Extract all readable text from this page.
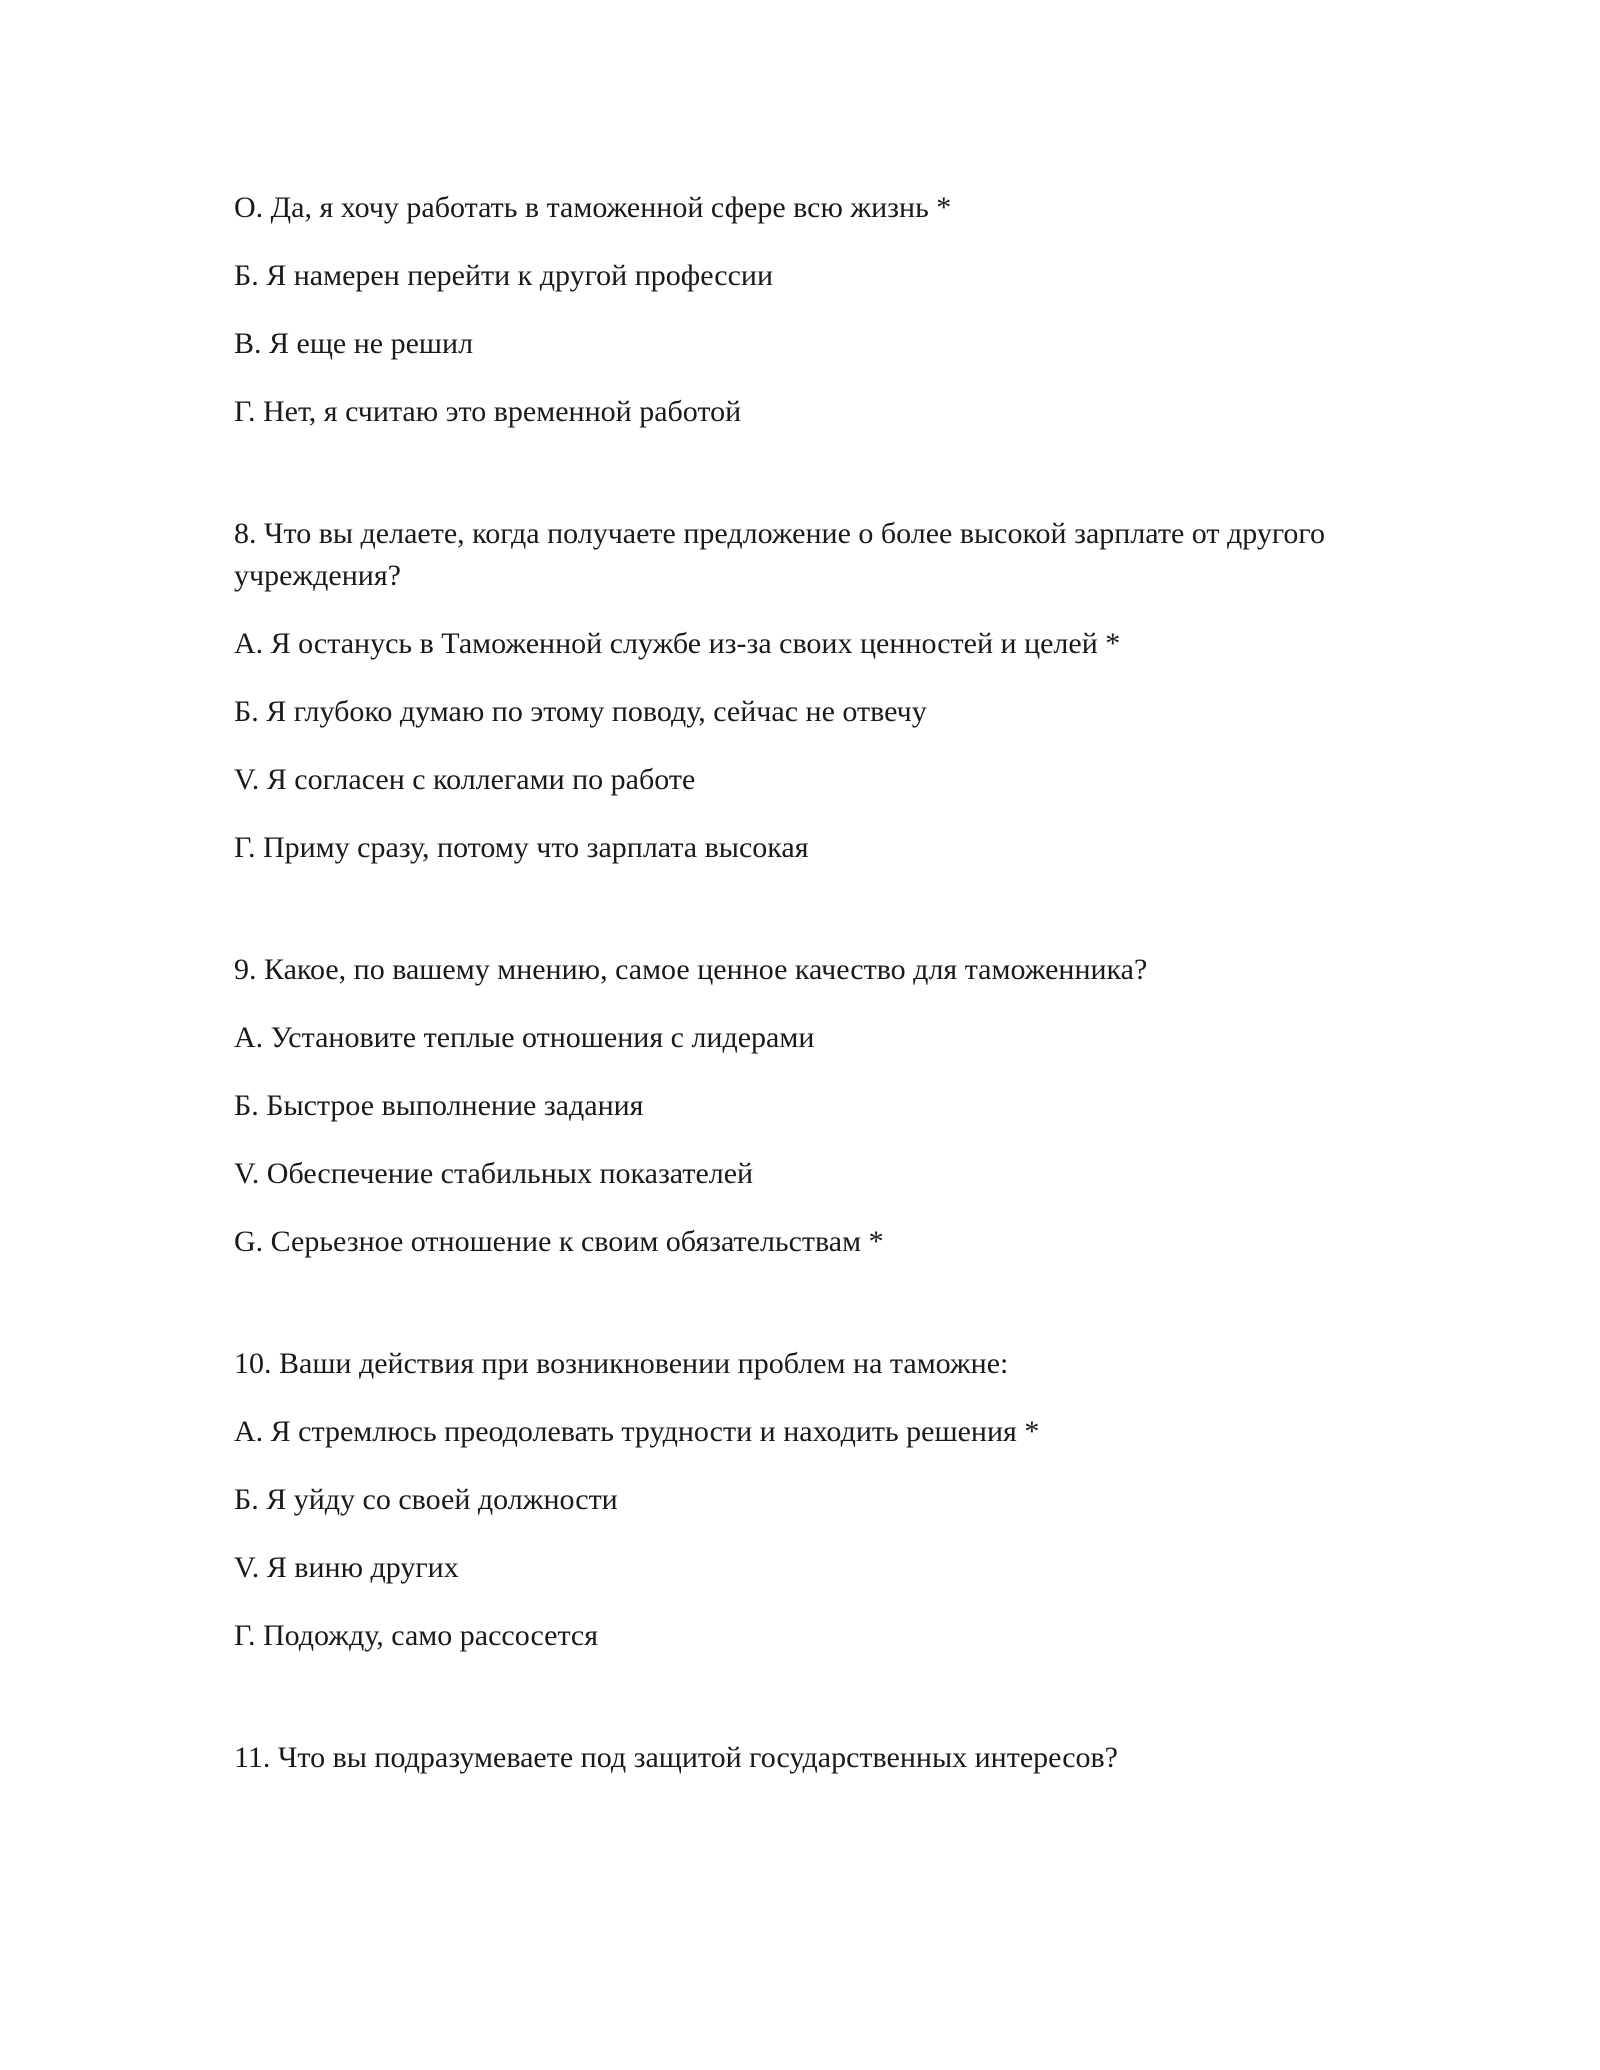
О. Да, я хочу работать в таможенной сфере всю жизнь *

Б. Я намерен перейти к другой профессии

В. Я еще не решил

Г. Нет, я считаю это временной работой

8. Что вы делаете, когда получаете предложение о более высокой зарплате от другого учреждения?

А. Я останусь в Таможенной службе из-за своих ценностей и целей *

Б. Я глубоко думаю по этому поводу, сейчас не отвечу

V. Я согласен с коллегами по работе

Г. Приму сразу, потому что зарплата высокая

9. Какое, по вашему мнению, самое ценное качество для таможенника?

А. Установите теплые отношения с лидерами

Б. Быстрое выполнение задания

V. Обеспечение стабильных показателей

G. Серьезное отношение к своим обязательствам *

10. Ваши действия при возникновении проблем на таможне:

А. Я стремлюсь преодолевать трудности и находить решения *

Б. Я уйду со своей должности

V. Я виню других

Г. Подожду, само рассосется

11. Что вы подразумеваете под защитой государственных интересов?
